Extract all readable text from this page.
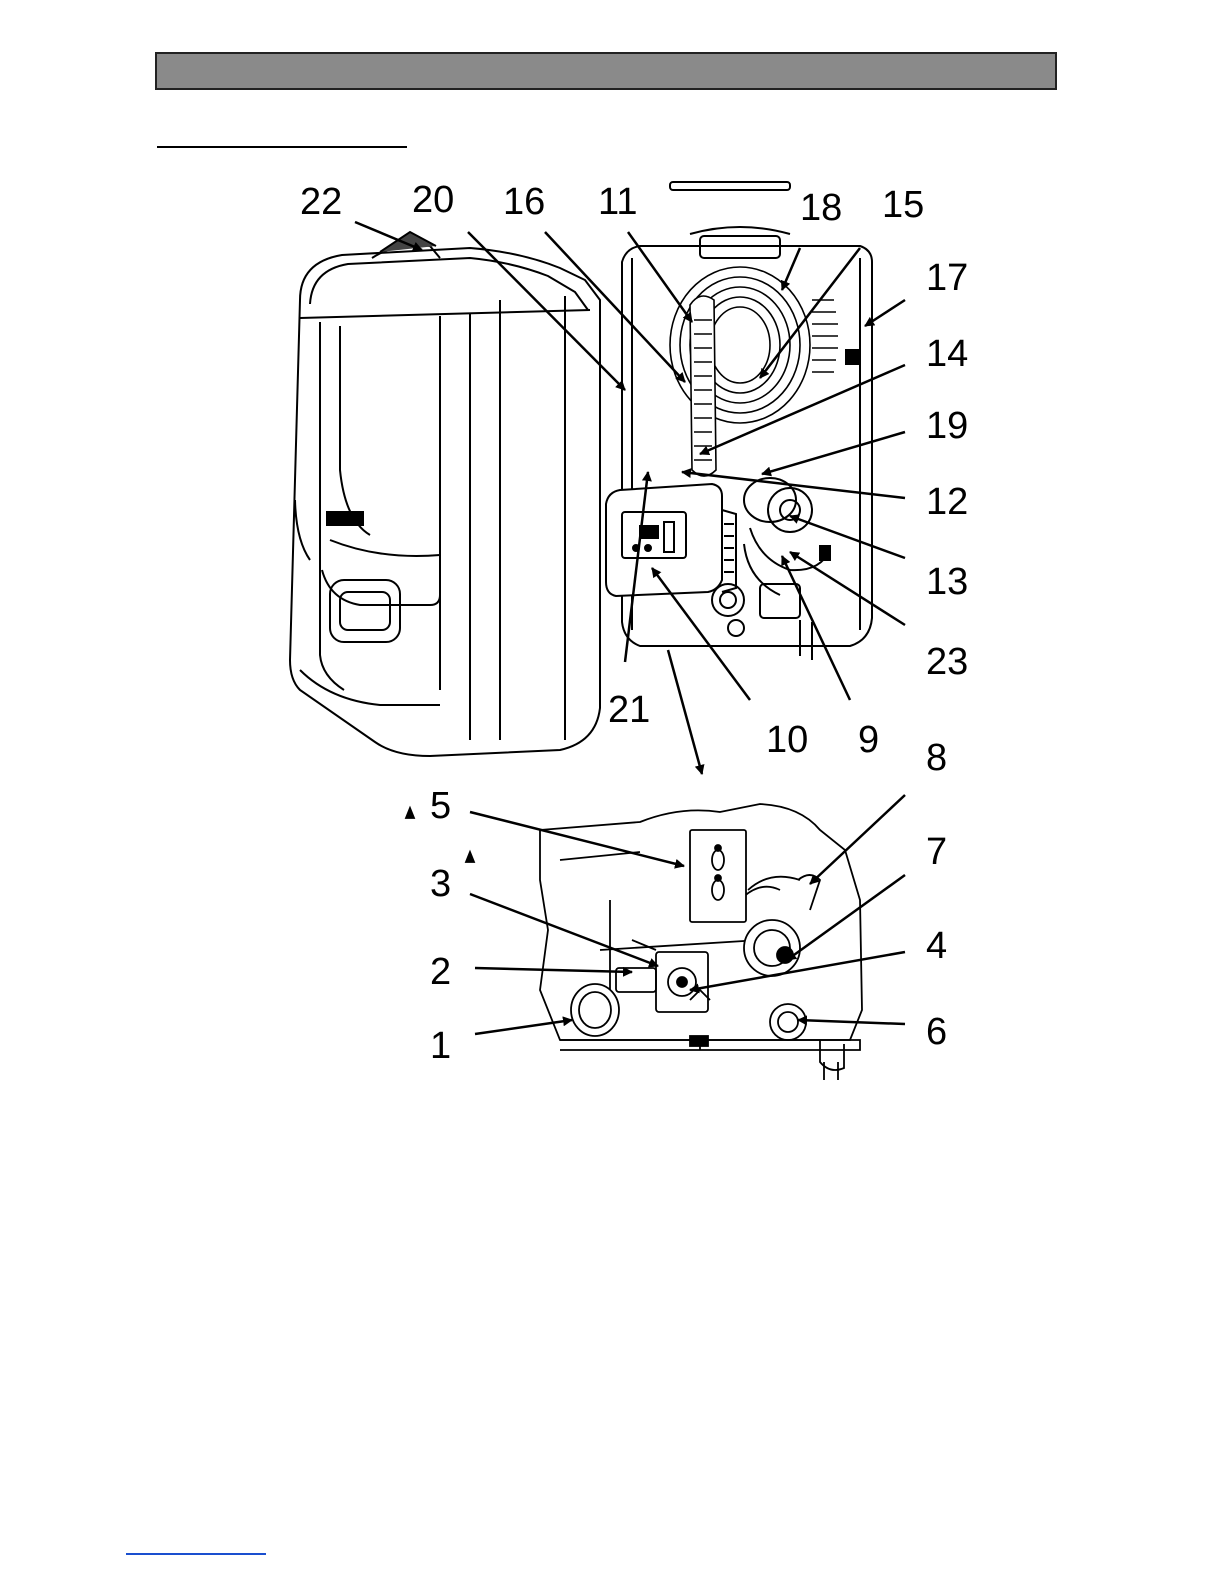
22 20 16 11	18 15
17
14
19
12
13
23
21
10 9 8
5
7
3
4
2
1	6
